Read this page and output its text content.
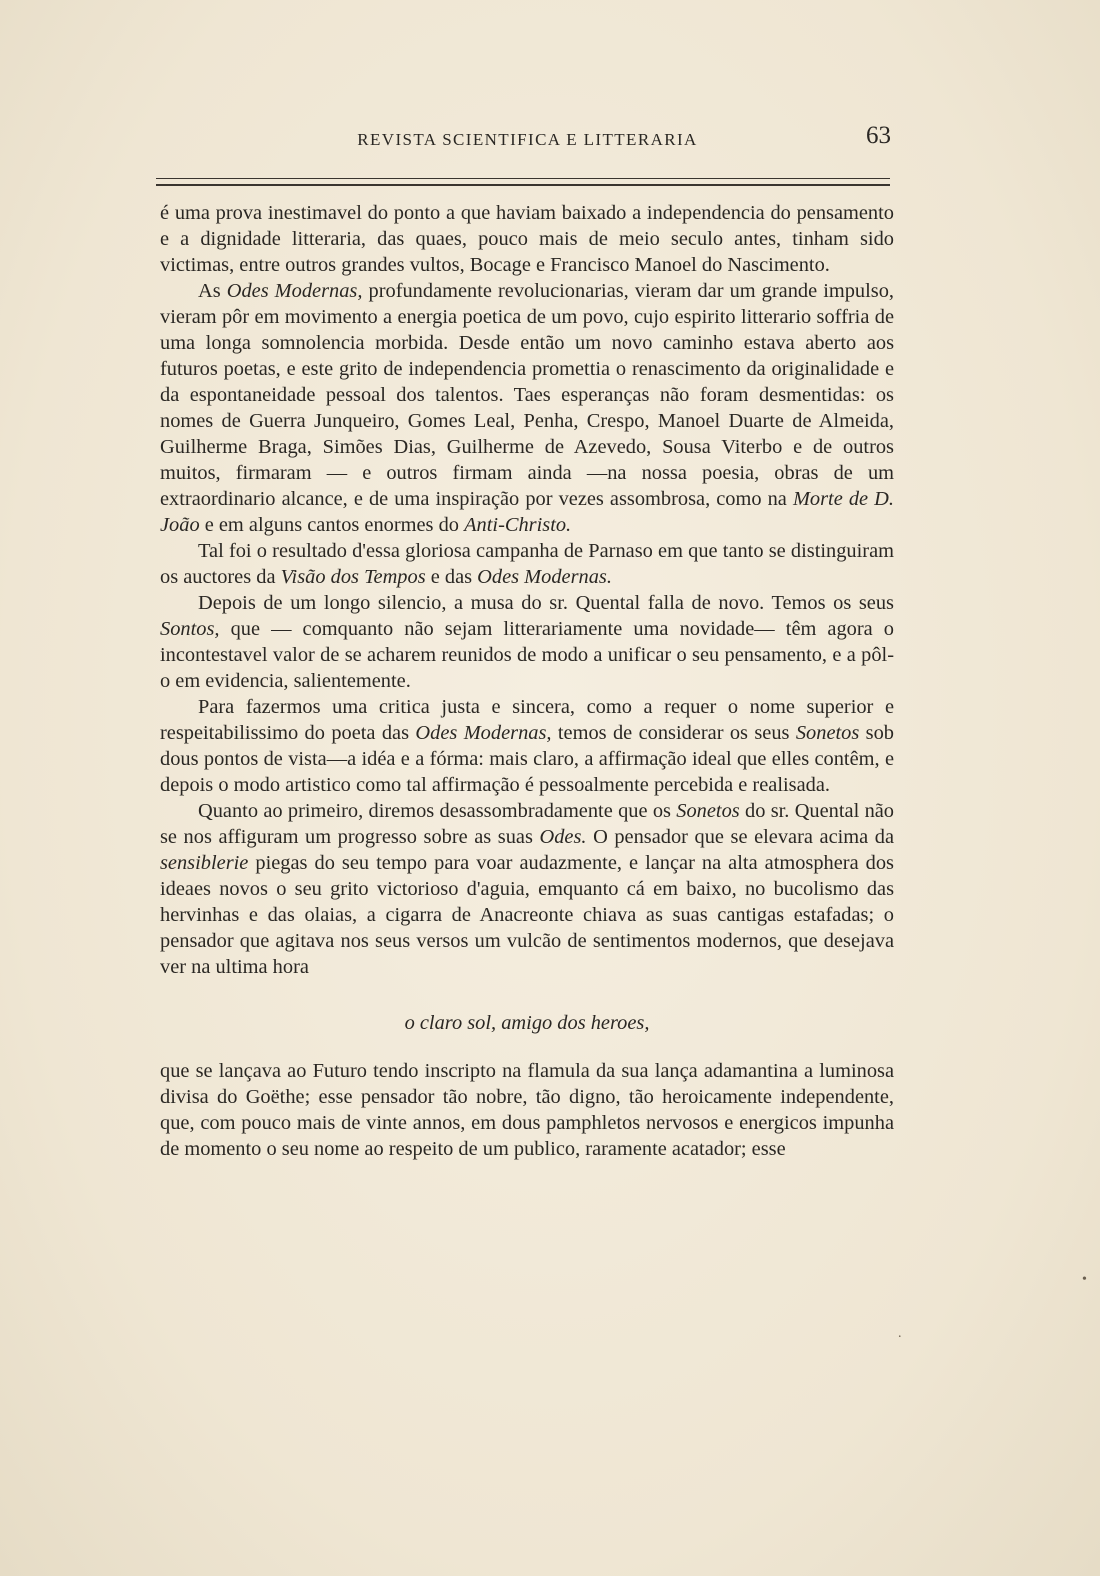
REVISTA SCIENTIFICA E LITTERARIA	63

é uma prova inestimavel do ponto a que haviam baixado a independencia do pensamento e a dignidade litteraria, das quaes, pouco mais de meio seculo antes, tinham sido victimas, entre outros grandes vultos, Bocage e Francisco Manoel do Nascimento.

As Odes Modernas, profundamente revolucionarias, vieram dar um grande impulso, vieram pôr em movimento a energia poetica de um povo, cujo espirito litterario soffria de uma longa somnolencia morbida. Desde então um novo caminho estava aberto aos futuros poetas, e este grito de independencia promettia o renascimento da originalidade e da espontaneidade pessoal dos talentos. Taes esperanças não foram desmentidas: os nomes de Guerra Junqueiro, Gomes Leal, Penha, Crespo, Manoel Duarte de Almeida, Guilherme Braga, Simões Dias, Guilherme de Azevedo, Sousa Viterbo e de outros muitos, firmaram — e outros firmam ainda —na nossa poesia, obras de um extraordinario alcance, e de uma inspiração por vezes assombrosa, como na Morte de D. João e em alguns cantos enormes do Anti-Christo.

Tal foi o resultado d'essa gloriosa campanha de Parnaso em que tanto se distinguiram os auctores da Visão dos Tempos e das Odes Modernas.

Depois de um longo silencio, a musa do sr. Quental falla de novo. Temos os seus Sontos, que — comquanto não sejam litterariamente uma novidade— têm agora o incontestavel valor de se acharem reunidos de modo a unificar o seu pensamento, e a pôl-o em evidencia, salientemente.

Para fazermos uma critica justa e sincera, como a requer o nome superior e respeitabilissimo do poeta das Odes Modernas, temos de considerar os seus Sonetos sob dous pontos de vista—a idéa e a fórma: mais claro, a affirmação ideal que elles contêm, e depois o modo artistico como tal affirmação é pessoalmente percebida e realisada.

Quanto ao primeiro, diremos desassombradamente que os Sonetos do sr. Quental não se nos affiguram um progresso sobre as suas Odes. O pensador que se elevara acima da sensiblerie piegas do seu tempo para voar audazmente, e lançar na alta atmosphera dos ideaes novos o seu grito victorioso d'aguia, emquanto cá em baixo, no bucolismo das hervinhas e das olaias, a cigarra de Anacreonte chiava as suas cantigas estafadas; o pensador que agitava nos seus versos um vulcão de sentimentos modernos, que desejava ver na ultima hora

o claro sol, amigo dos heroes,

que se lançava ao Futuro tendo inscripto na flamula da sua lança adamantina a luminosa divisa do Goëthe; esse pensador tão nobre, tão digno, tão heroicamente independente, que, com pouco mais de vinte annos, em dous pamphletos nervosos e energicos impunha de momento o seu nome ao respeito de um publico, raramente acatador; esse

•
.
